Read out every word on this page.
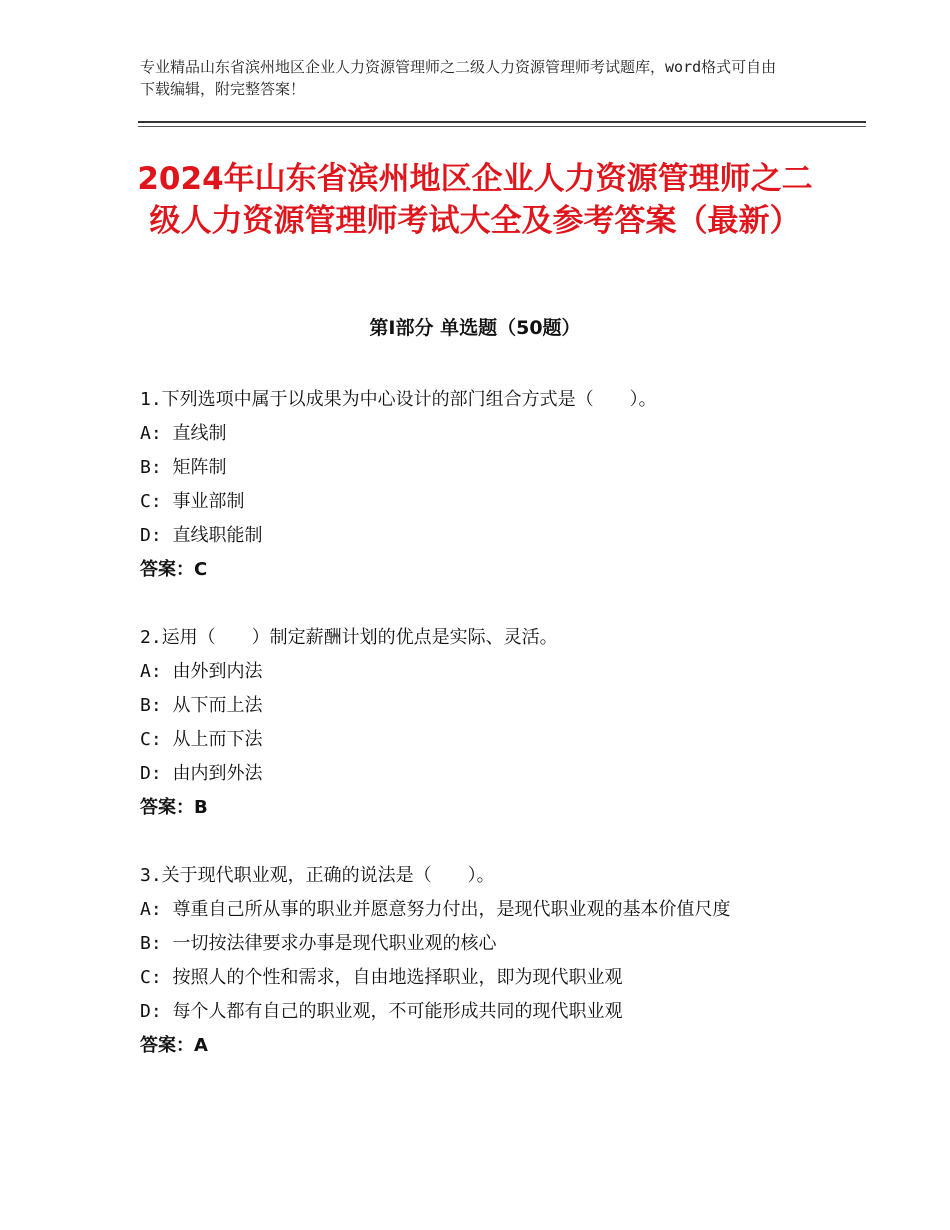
专业精品山东省滨州地区企业人力资源管理师之二级人力资源管理师考试题库，word格式可自由下载编辑，附完整答案！
2024年山东省滨州地区企业人力资源管理师之二级人力资源管理师考试大全及参考答案（最新）
第Ⅰ部分 单选题（50题）
1.下列选项中属于以成果为中心设计的部门组合方式是（　　）。
A: 直线制
B: 矩阵制
C: 事业部制
D: 直线职能制
答案：C
2.运用（　　）制定薪酬计划的优点是实际、灵活。
A: 由外到内法
B: 从下而上法
C: 从上而下法
D: 由内到外法
答案：B
3.关于现代职业观，正确的说法是（　　）。
A: 尊重自己所从事的职业并愿意努力付出，是现代职业观的基本价值尺度
B: 一切按法律要求办事是现代职业观的核心
C: 按照人的个性和需求，自由地选择职业，即为现代职业观
D: 每个人都有自己的职业观，不可能形成共同的现代职业观
答案：A
